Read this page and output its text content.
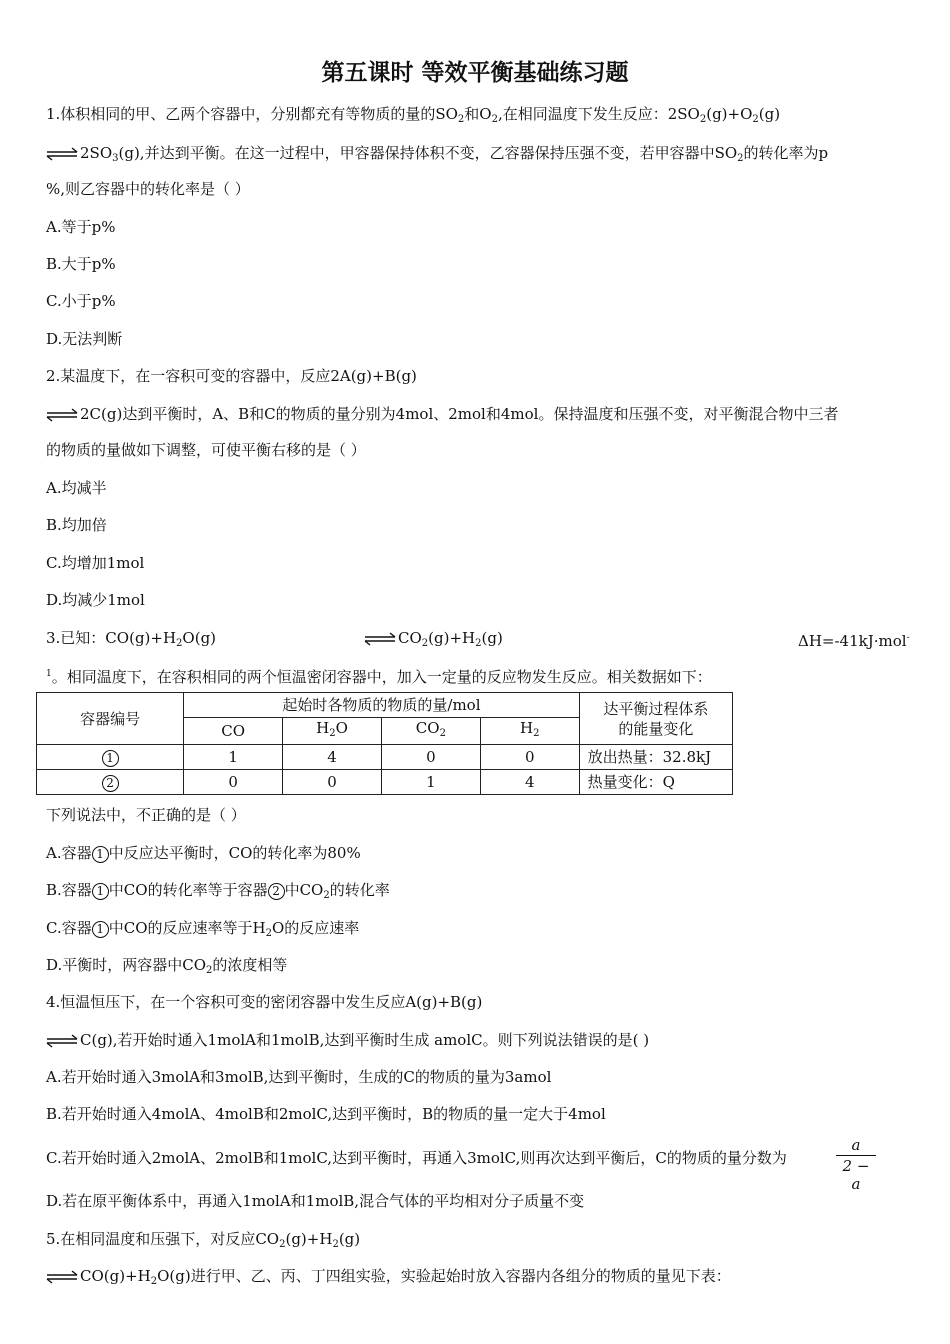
第五课时 等效平衡基础练习题
1.体积相同的甲、乙两个容器中，分别都充有等物质的量的$SO_2$和$O_2$,在相同温度下发生反应：$2SO_2(g)+O_2(g)$
⇌ $2SO_3(g)$,并达到平衡。在这一过程中，甲容器保持体积不变，乙容器保持压强不变，若甲容器中$SO_2$的转化率为p
%,则乙容器中的转化率是（ ）
A.等于p%
B.大于p%
C.小于p%
D.无法判断
2.某温度下，在一容积可变的容器中，反应2A(g)+B(g)
⇌ 2C(g)达到平衡时，A、B和C的物质的量分别为4mol、2mol和4mol。保持温度和压强不变，对平衡混合物中三者
的物质的量做如下调整，可使平衡右移的是（ ）
A.均减半
B.均加倍
C.均增加1mol
D.均减少1mol
3.已知：$CO(g)+H_2O(g)$	⇌ $CO_2(g)+H_2(g)$	ΔH=-41kJ·mol-
$^1$。相同温度下，在容积相同的两个恒温密闭容器中，加入一定量的反应物发生反应。相关数据如下：
容器编号	起始时各物质的物质的量/mol				达平衡过程体系
的能量变化
	CO	$H_2O$	$CO_2$	$H_2$
1	1	4	0	0	放出热量：32.8kJ
2	0	0	1	4	热量变化：Q
下列说法中，不正确的是（ ）
A.容器 1 中反应达平衡时，CO的转化率为80%
B.容器 1 中CO的转化率等于容器 2 中$CO_2$的转化率
C.容器 1 中CO的反应速率等于$H_2O$的反应速率
D.平衡时，两容器中$CO_2$的浓度相等
4.恒温恒压下，在一个容积可变的密闭容器中发生反应A(g)+B(g)
⇌ C(g),若开始时通入1molA和1molB,达到平衡时生成 amolC。则下列说法错误的是( )
A.若开始时通入3molA和3molB,达到平衡时，生成的C的物质的量为3amol
B.若开始时通入4molA、4molB和2molC,达到平衡时，B的物质的量一定大于4mol
C.若开始时通入2molA、2molB和1molC,达到平衡时，再通入3molC,则再次达到平衡后，C的物质的量分数为
a
2 − a
D.若在原平衡体系中，再通入1molA和1molB,混合气体的平均相对分子质量不变
5.在相同温度和压强下，对反应$CO_2(g)+H_2(g)$
⇌ $CO(g)+H_2O(g)$进行甲、乙、丙、丁四组实验，实验起始时放入容器内各组分的物质的量见下表：
